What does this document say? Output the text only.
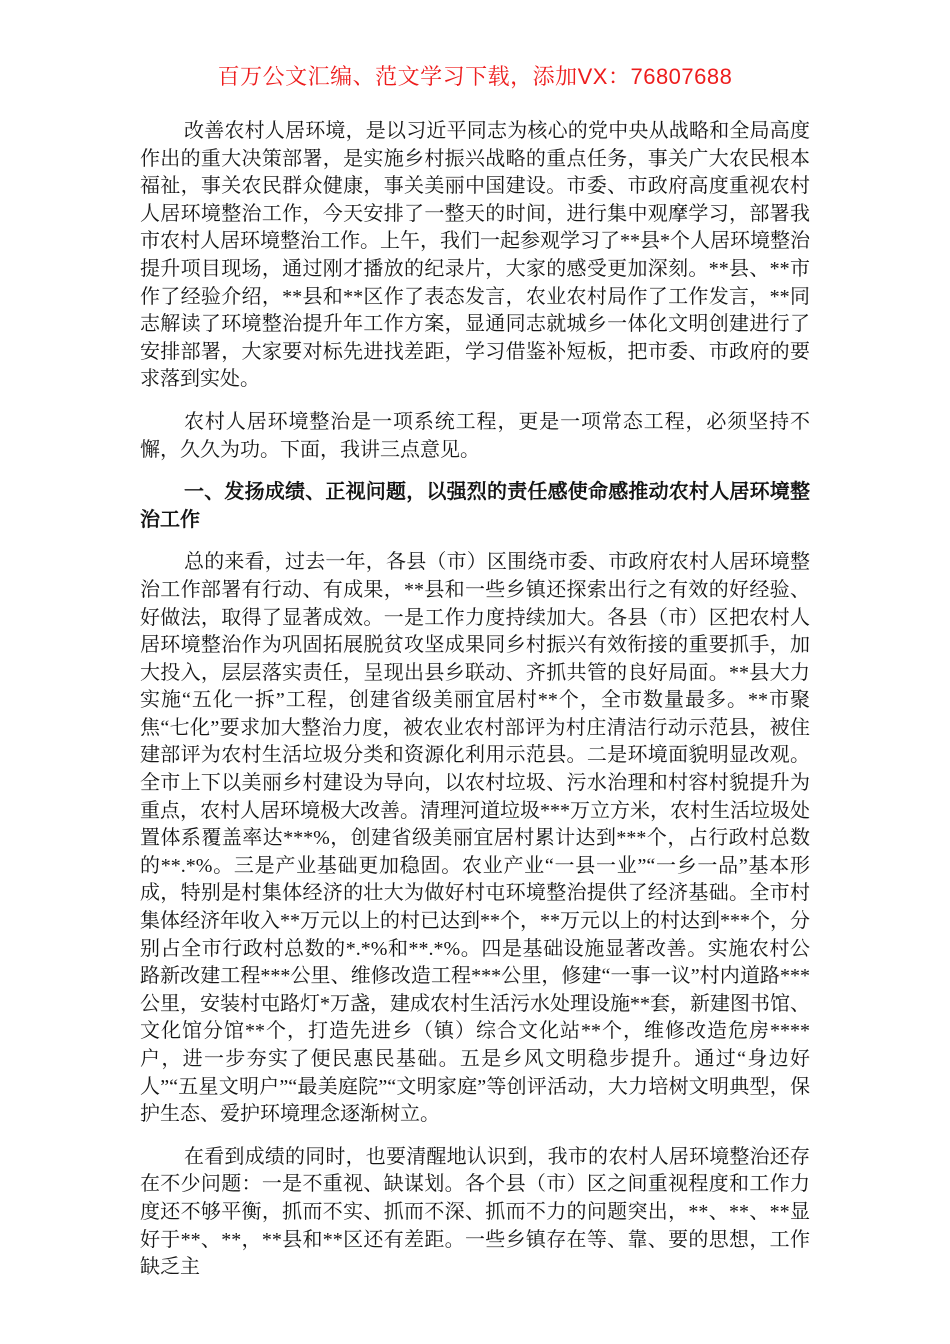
百万公文汇编、范文学习下载，添加VX：76807688

改善农村人居环境，是以习近平同志为核心的党中央从战略和全局高度作出的重大决策部署，是实施乡村振兴战略的重点任务，事关广大农民根本福祉，事关农民群众健康，事关美丽中国建设。市委、市政府高度重视农村人居环境整治工作，今天安排了一整天的时间，进行集中观摩学习，部署我市农村人居环境整治工作。上午，我们一起参观学习了**县*个人居环境整治提升项目现场，通过刚才播放的纪录片，大家的感受更加深刻。**县、**市作了经验介绍，**县和**区作了表态发言，农业农村局作了工作发言，**同志解读了环境整治提升年工作方案，显通同志就城乡一体化文明创建进行了安排部署，大家要对标先进找差距，学习借鉴补短板，把市委、市政府的要求落到实处。

农村人居环境整治是一项系统工程，更是一项常态工程，必须坚持不懈，久久为功。下面，我讲三点意见。

一、发扬成绩、正视问题，以强烈的责任感使命感推动农村人居环境整治工作

总的来看，过去一年，各县（市）区围绕市委、市政府农村人居环境整治工作部署有行动、有成果，**县和一些乡镇还探索出行之有效的好经验、好做法，取得了显著成效。一是工作力度持续加大。各县（市）区把农村人居环境整治作为巩固拓展脱贫攻坚成果同乡村振兴有效衔接的重要抓手，加大投入，层层落实责任，呈现出县乡联动、齐抓共管的良好局面。**县大力实施“五化一拆”工程，创建省级美丽宜居村**个，全市数量最多。**市聚焦“七化”要求加大整治力度，被农业农村部评为村庄清洁行动示范县，被住建部评为农村生活垃圾分类和资源化利用示范县。二是环境面貌明显改观。全市上下以美丽乡村建设为导向，以农村垃圾、污水治理和村容村貌提升为重点，农村人居环境极大改善。清理河道垃圾***万立方米，农村生活垃圾处置体系覆盖率达***%，创建省级美丽宜居村累计达到***个，占行政村总数的**.*%。三是产业基础更加稳固。农业产业“一县一业”“一乡一品”基本形成，特别是村集体经济的壮大为做好村屯环境整治提供了经济基础。全市村集体经济年收入**万元以上的村已达到**个，**万元以上的村达到***个，分别占全市行政村总数的*.*%和**.*%。四是基础设施显著改善。实施农村公路新改建工程***公里、维修改造工程***公里，修建“一事一议”村内道路***公里，安装村屯路灯*万盏，建成农村生活污水处理设施**套，新建图书馆、文化馆分馆**个，打造先进乡（镇）综合文化站**个，维修改造危房****户，进一步夯实了便民惠民基础。五是乡风文明稳步提升。通过“身边好人”“五星文明户”“最美庭院”“文明家庭”等创评活动，大力培树文明典型，保护生态、爱护环境理念逐渐树立。

在看到成绩的同时，也要清醒地认识到，我市的农村人居环境整治还存在不少问题：一是不重视、缺谋划。各个县（市）区之间重视程度和工作力度还不够平衡，抓而不实、抓而不深、抓而不力的问题突出，**、**、**显好于**、**，**县和**区还有差距。一些乡镇存在等、靠、要的思想，工作缺乏主
